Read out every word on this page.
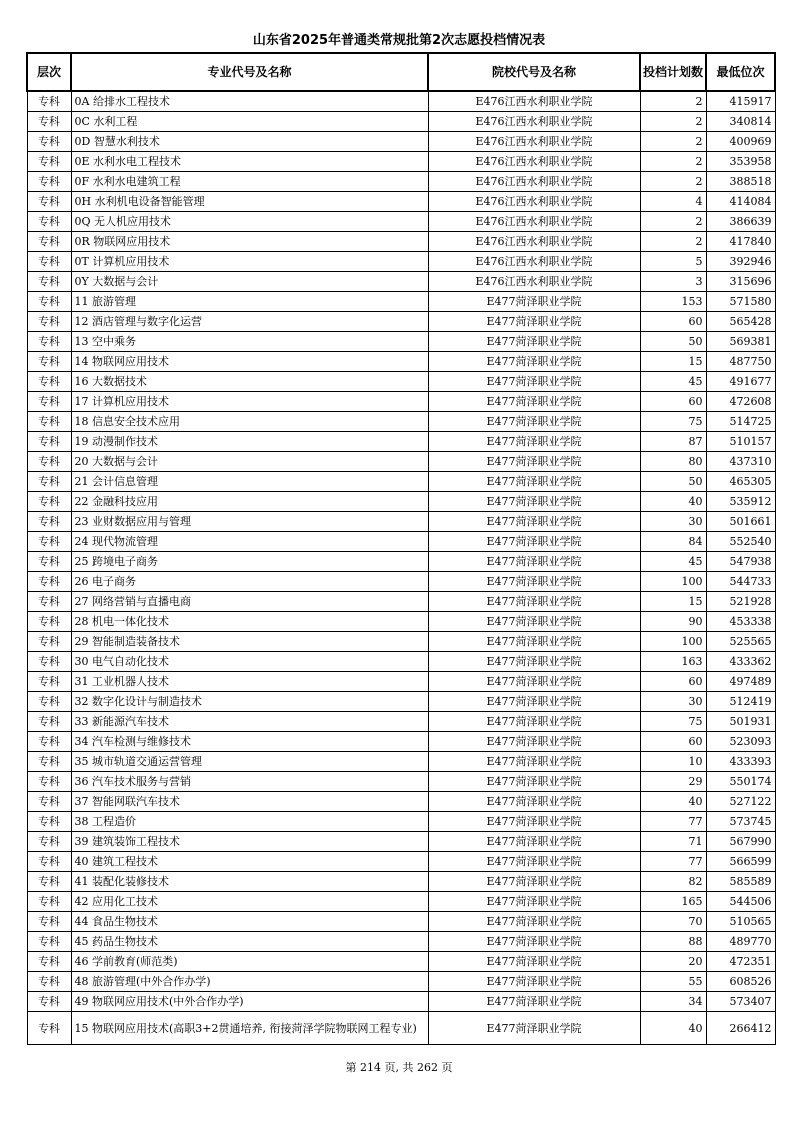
山东省2025年普通类常规批第2次志愿投档情况表
层次	专业代号及名称	院校代号及名称	投档计划数	最低位次
专科	0A 给排水工程技术	E476江西水利职业学院	2	415917
专科	0C 水利工程	E476江西水利职业学院	2	340814
专科	0D 智慧水利技术	E476江西水利职业学院	2	400969
专科	0E 水利水电工程技术	E476江西水利职业学院	2	353958
专科	0F 水利水电建筑工程	E476江西水利职业学院	2	388518
专科	0H 水利机电设备智能管理	E476江西水利职业学院	4	414084
专科	0Q 无人机应用技术	E476江西水利职业学院	2	386639
专科	0R 物联网应用技术	E476江西水利职业学院	2	417840
专科	0T 计算机应用技术	E476江西水利职业学院	5	392946
专科	0Y 大数据与会计	E476江西水利职业学院	3	315696
专科	11 旅游管理	E477菏泽职业学院	153	571580
专科	12 酒店管理与数字化运营	E477菏泽职业学院	60	565428
专科	13 空中乘务	E477菏泽职业学院	50	569381
专科	14 物联网应用技术	E477菏泽职业学院	15	487750
专科	16 大数据技术	E477菏泽职业学院	45	491677
专科	17 计算机应用技术	E477菏泽职业学院	60	472608
专科	18 信息安全技术应用	E477菏泽职业学院	75	514725
专科	19 动漫制作技术	E477菏泽职业学院	87	510157
专科	20 大数据与会计	E477菏泽职业学院	80	437310
专科	21 会计信息管理	E477菏泽职业学院	50	465305
专科	22 金融科技应用	E477菏泽职业学院	40	535912
专科	23 业财数据应用与管理	E477菏泽职业学院	30	501661
专科	24 现代物流管理	E477菏泽职业学院	84	552540
专科	25 跨境电子商务	E477菏泽职业学院	45	547938
专科	26 电子商务	E477菏泽职业学院	100	544733
专科	27 网络营销与直播电商	E477菏泽职业学院	15	521928
专科	28 机电一体化技术	E477菏泽职业学院	90	453338
专科	29 智能制造装备技术	E477菏泽职业学院	100	525565
专科	30 电气自动化技术	E477菏泽职业学院	163	433362
专科	31 工业机器人技术	E477菏泽职业学院	60	497489
专科	32 数字化设计与制造技术	E477菏泽职业学院	30	512419
专科	33 新能源汽车技术	E477菏泽职业学院	75	501931
专科	34 汽车检测与维修技术	E477菏泽职业学院	60	523093
专科	35 城市轨道交通运营管理	E477菏泽职业学院	10	433393
专科	36 汽车技术服务与营销	E477菏泽职业学院	29	550174
专科	37 智能网联汽车技术	E477菏泽职业学院	40	527122
专科	38 工程造价	E477菏泽职业学院	77	573745
专科	39 建筑装饰工程技术	E477菏泽职业学院	71	567990
专科	40 建筑工程技术	E477菏泽职业学院	77	566599
专科	41 装配化装修技术	E477菏泽职业学院	82	585589
专科	42 应用化工技术	E477菏泽职业学院	165	544506
专科	44 食品生物技术	E477菏泽职业学院	70	510565
专科	45 药品生物技术	E477菏泽职业学院	88	489770
专科	46 学前教育(师范类)	E477菏泽职业学院	20	472351
专科	48 旅游管理(中外合作办学)	E477菏泽职业学院	55	608526
专科	49 物联网应用技术(中外合作办学)	E477菏泽职业学院	34	573407
专科	15 物联网应用技术(高职3+2贯通培养, 衔接菏泽学院物联网工程专业)	E477菏泽职业学院	40	266412
第 214 页, 共 262 页
